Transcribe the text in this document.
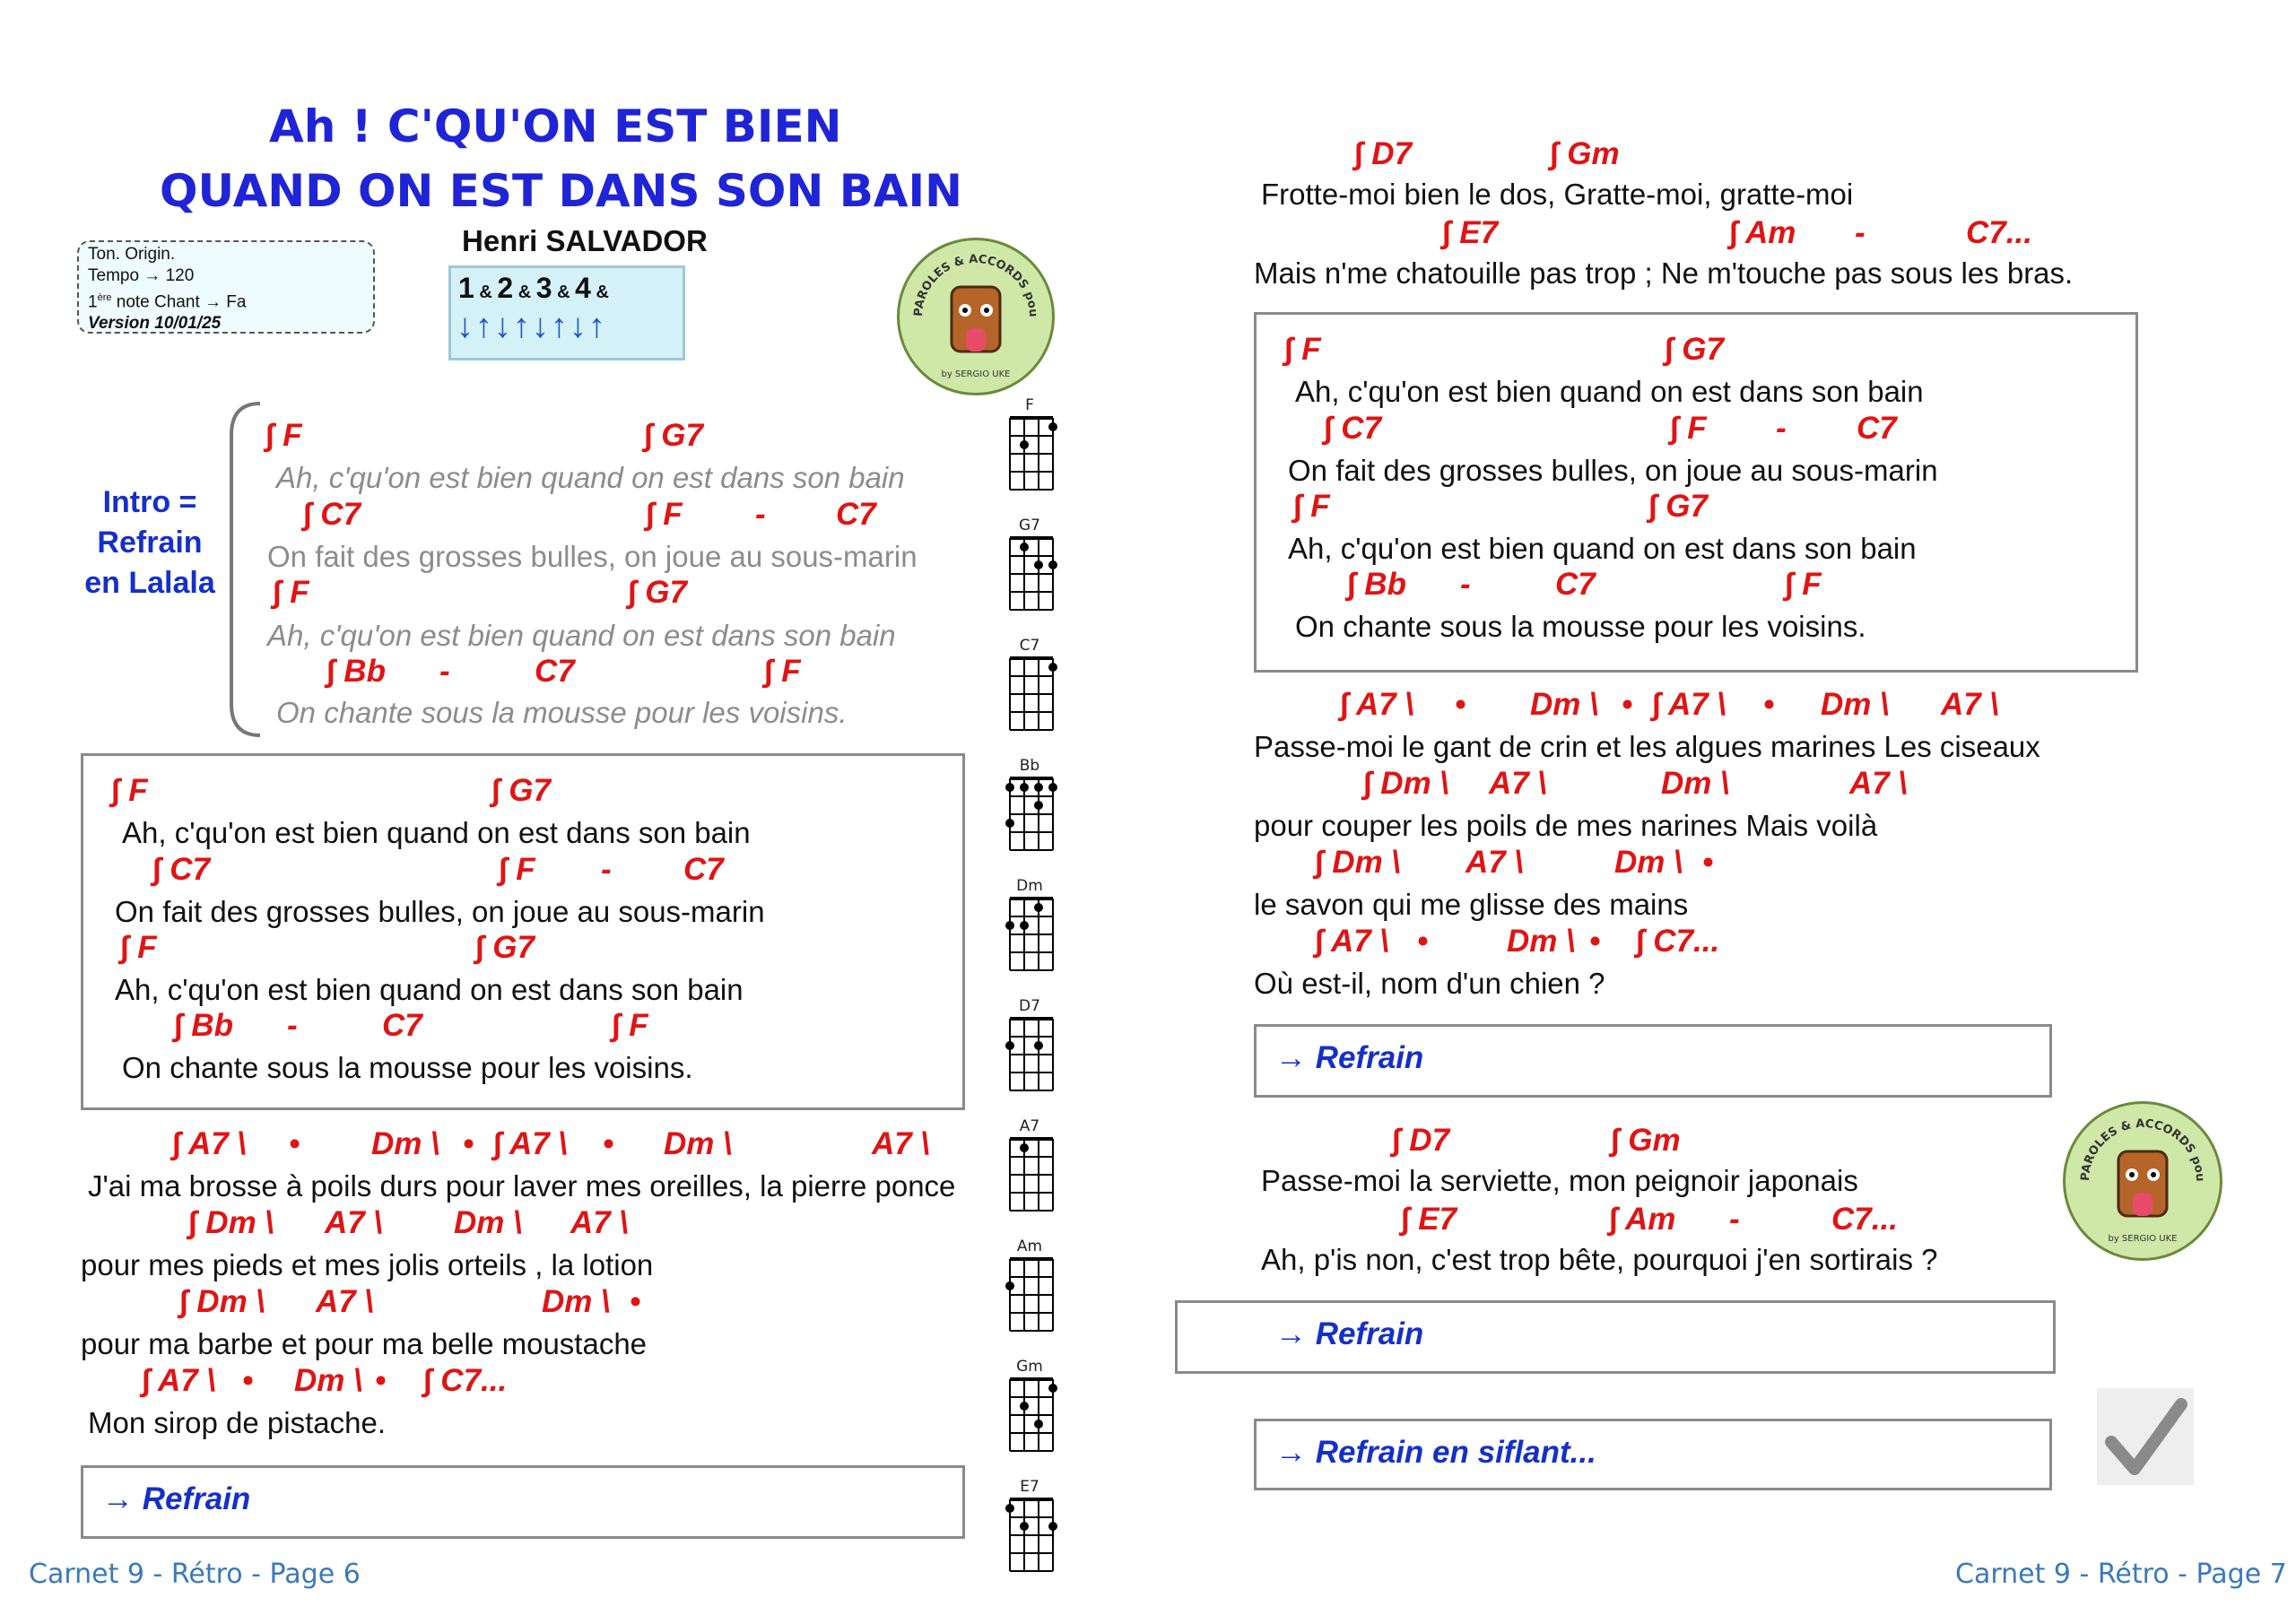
Ah ! C'QU'ON EST BIEN
QUAND ON EST DANS SON BAIN
Henri SALVADOR
Ton. Origin.
Tempo → 120
1ère note Chant → Fa
Version 10/01/25
1 & 2 & 3 & 4 &
↓↑↓↑↓↑↓↑	PAROLES & ACCORDS pou
by SERGIO UKE
Intro = Refrain en Lalala
∫ F	∫ G7
Ah, c'qu'on est bien quand on est dans son bain
∫ C7	∫ F - C7
On fait des grosses bulles, on joue au sous-marin
∫ F	∫ G7
Ah, c'qu'on est bien quand on est dans son bain
∫ Bb -	C7	∫ F
On chante sous la mousse pour les voisins.
∫ F	∫ G7
Ah, c'qu'on est bien quand on est dans son bain
∫ C7	∫ F - C7
On fait des grosses bulles, on joue au sous-marin
∫ F	∫ G7
Ah, c'qu'on est bien quand on est dans son bain
∫ Bb -	C7	∫ F
On chante sous la mousse pour les voisins.
∫ A7 \ • Dm \ • ∫ A7 \ • Dm \	A7 \
J'ai ma brosse à poils durs pour laver mes oreilles, la pierre ponce
∫ Dm \ A7 \ Dm \ A7 \
pour mes pieds et mes jolis orteils , la lotion
∫ Dm \ A7 \	Dm \ •
pour ma barbe et pour ma belle moustache
∫ A7 \ • Dm \ • ∫ C7...
Mon sirop de pistache.
→ Refrain
F
G7
C7
Bb
Dm
D7
A7
Am
Gm
E7
Carnet 9 - Rétro - Page 6	Carnet 9 - Rétro - Page 7
∫ D7	∫ Gm
Frotte-moi bien le dos, Gratte-moi, gratte-moi
∫ E7	∫ Am -	C7...
Mais n'me chatouille pas trop ; Ne m'touche pas sous les bras.
∫ F	∫ G7
Ah, c'qu'on est bien quand on est dans son bain
∫ C7	∫ F - C7
On fait des grosses bulles, on joue au sous-marin
∫ F	∫ G7
Ah, c'qu'on est bien quand on est dans son bain
∫ Bb -	C7	∫ F
On chante sous la mousse pour les voisins.
∫ A7 \ • Dm \ • ∫ A7 \ • Dm \ A7 \
Passe-moi le gant de crin et les algues marines Les ciseaux
∫ Dm \ A7 \	Dm \	A7 \
pour couper les poils de mes narines Mais voilà
∫ Dm \ A7 \	Dm \ •
le savon qui me glisse des mains
∫ A7 \ •	Dm \ • ∫ C7...
Où est-il, nom d'un chien ?
→ Refrain
∫ D7	∫ Gm
Passe-moi la serviette, mon peignoir japonais
∫ E7	∫ Am -	C7...
Ah, p'is non, c'est trop bête, pourquoi j'en sortirais ?
PAROLES & ACCORDS pou
by SERGIO UKE
→ Refrain
→ Refrain en siflant...
